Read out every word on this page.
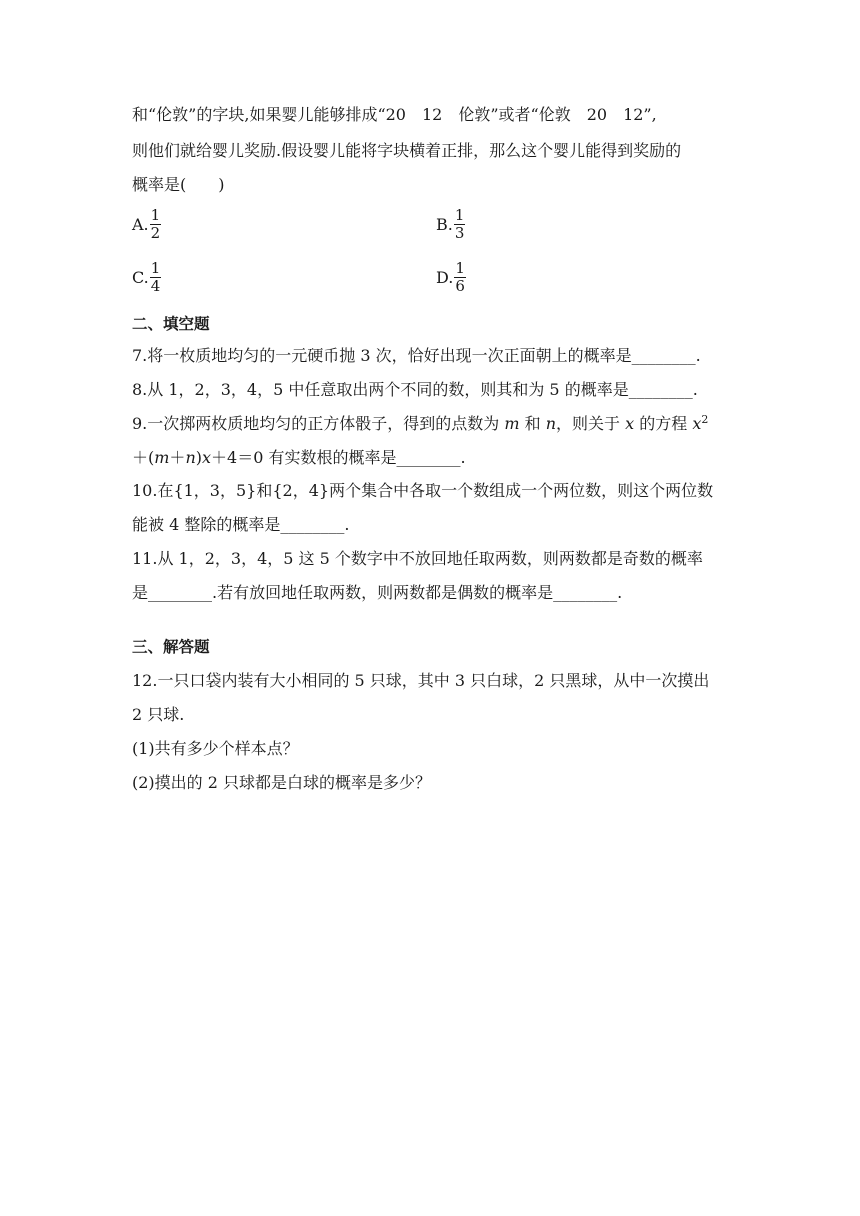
和“伦敦”的字块,如果婴儿能够排成“20　12　伦敦”或者“伦敦　20　12”,
则他们就给婴儿奖励.假设婴儿能将字块横着正排，那么这个婴儿能得到奖励的
概率是(　　)
A. $\frac{1}{2}$	B. $\frac{1}{3}$
C. $\frac{1}{4}$	D. $\frac{1}{6}$
二、填空题
7.将一枚质地均匀的一元硬币抛 3 次，恰好出现一次正面朝上的概率是________.
8.从 1，2，3，4，5 中任意取出两个不同的数，则其和为 5 的概率是________.
9.一次掷两枚质地均匀的正方体骰子，得到的点数为 m 和 n，则关于 x 的方程 $x^2$
＋(m＋n)x＋4＝0 有实数根的概率是________.
10.在{1，3，5}和{2，4}两个集合中各取一个数组成一个两位数，则这个两位数
能被 4 整除的概率是________.
11.从 1，2，3，4，5 这 5 个数字中不放回地任取两数，则两数都是奇数的概率
是________.若有放回地任取两数，则两数都是偶数的概率是________.
三、解答题
12.一只口袋内装有大小相同的 5 只球，其中 3 只白球，2 只黑球，从中一次摸出
2 只球.
(1)共有多少个样本点？
(2)摸出的 2 只球都是白球的概率是多少？
